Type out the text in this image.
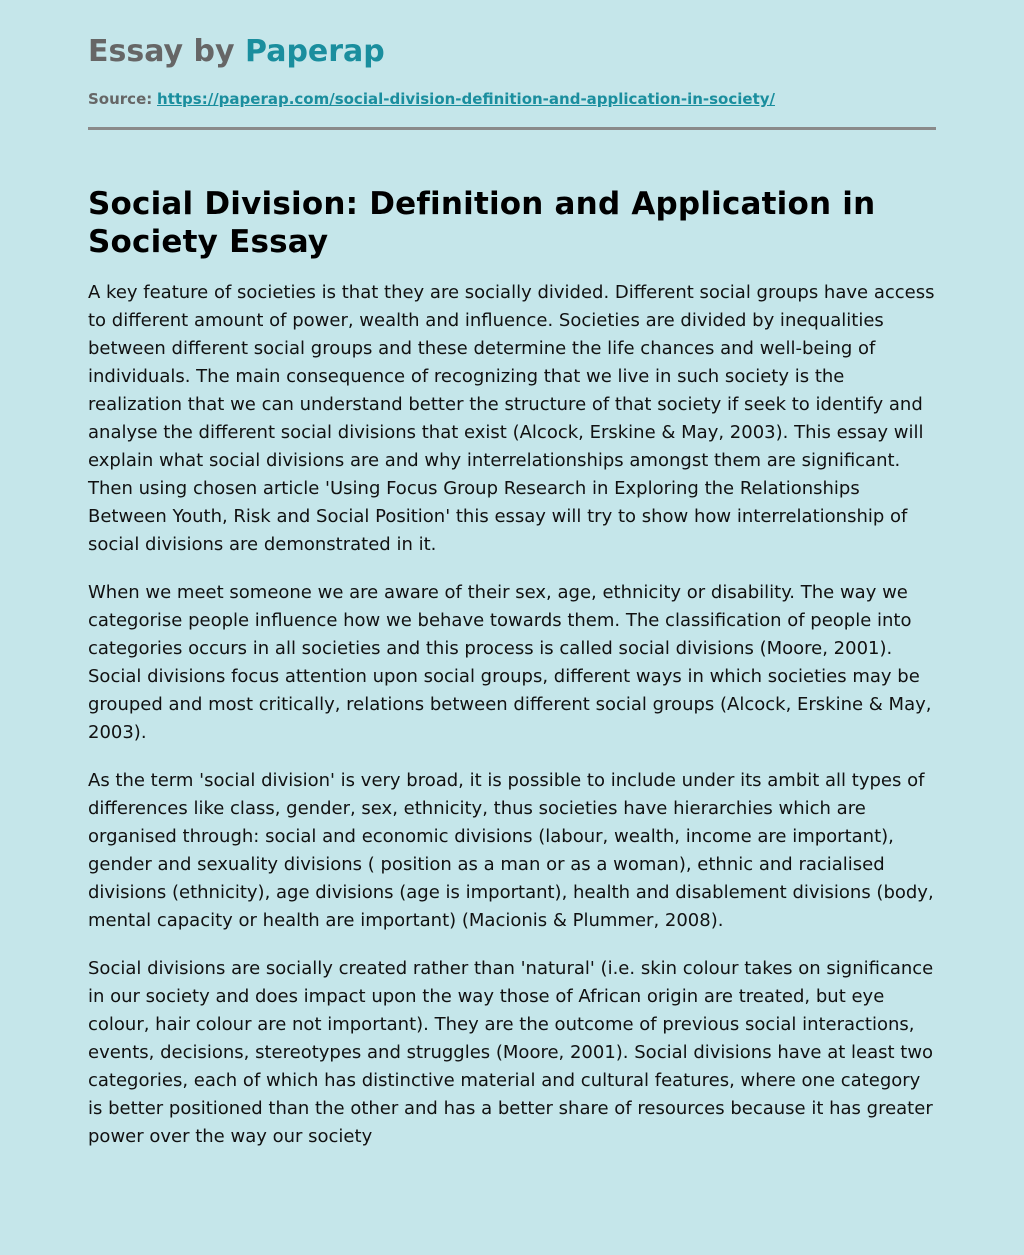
Essay by Paperap
Source: https://paperap.com/social-division-definition-and-application-in-society/
Social Division: Definition and Application in Society Essay

A key feature of societies is that they are socially divided. Different social groups have access to different amount of power, wealth and influence. Societies are divided by inequalities between different social groups and these determine the life chances and well-being of individuals. The main consequence of recognizing that we live in such society is the realization that we can understand better the structure of that society if seek to identify and analyse the different social divisions that exist (Alcock, Erskine & May, 2003). This essay will explain what social divisions are and why interrelationships amongst them are significant. Then using chosen article 'Using Focus Group Research in Exploring the Relationships Between Youth, Risk and Social Position' this essay will try to show how interrelationship of social divisions are demonstrated in it.

When we meet someone we are aware of their sex, age, ethnicity or disability. The way we categorise people influence how we behave towards them. The classification of people into categories occurs in all societies and this process is called social divisions (Moore, 2001). Social divisions focus attention upon social groups, different ways in which societies may be grouped and most critically, relations between different social groups (Alcock, Erskine & May, 2003).

As the term 'social division' is very broad, it is possible to include under its ambit all types of differences like class, gender, sex, ethnicity, thus societies have hierarchies which are organised through: social and economic divisions (labour, wealth, income are important), gender and sexuality divisions ( position as a man or as a woman), ethnic and racialised divisions (ethnicity), age divisions (age is important), health and disablement divisions (body, mental capacity or health are important) (Macionis & Plummer, 2008).

Social divisions are socially created rather than 'natural' (i.e. skin colour takes on significance in our society and does impact upon the way those of African origin are treated, but eye colour, hair colour are not important). They are the outcome of previous social interactions, events, decisions, stereotypes and struggles (Moore, 2001). Social divisions have at least two categories, each of which has distinctive material and cultural features, where one category is better positioned than the other and has a better share of resources because it has greater power over the way our society
